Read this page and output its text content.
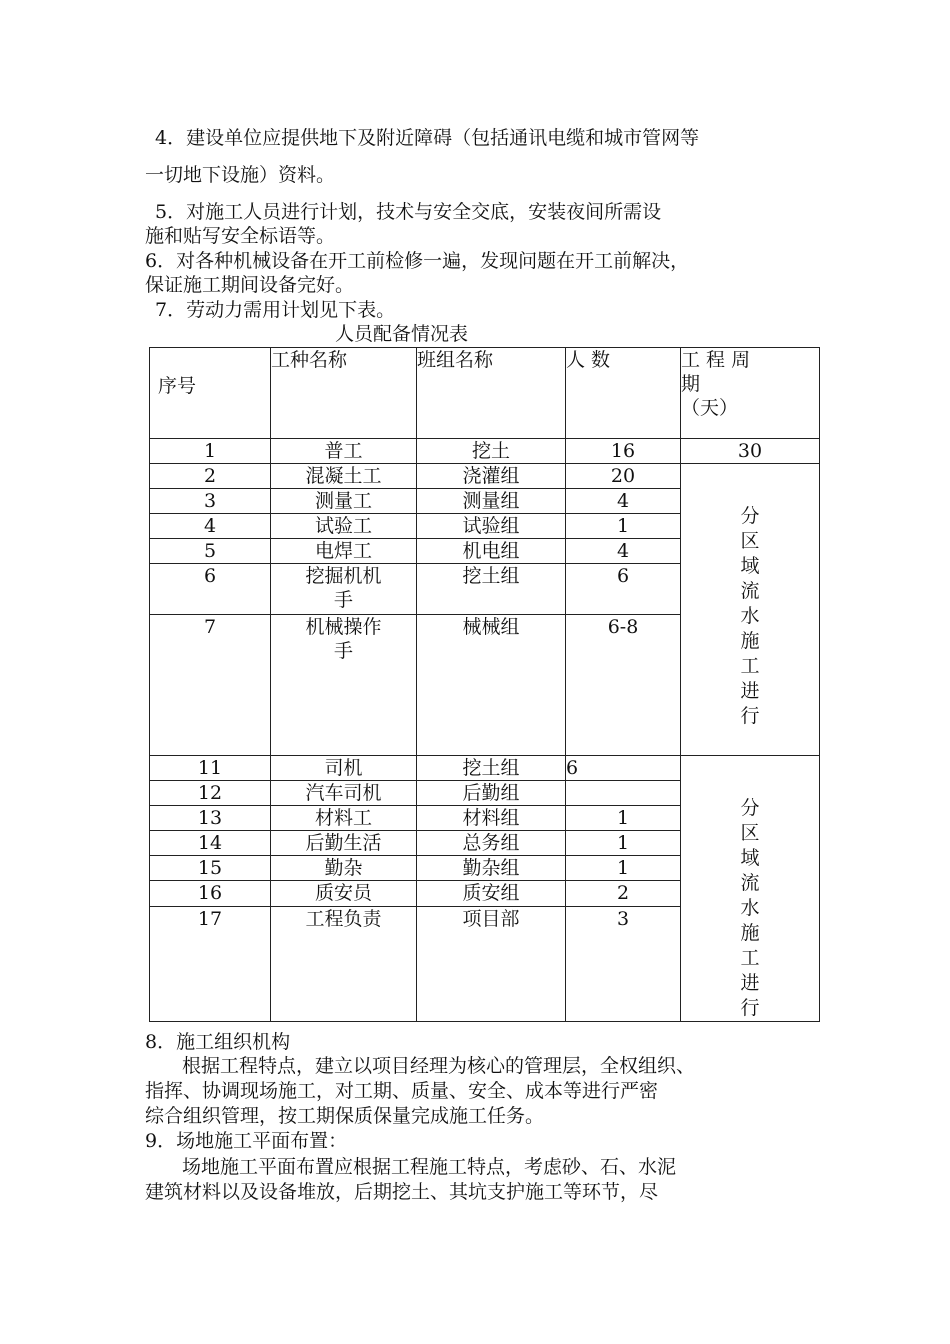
4．建设单位应提供地下及附近障碍（包括通讯电缆和城市管网等
一切地下设施）资料。
5．对施工人员进行计划，技术与安全交底，安装夜间所需设
施和贴写安全标语等。
6．对各种机械设备在开工前检修一遍，发现问题在开工前解决，
保证施工期间设备完好。
7．劳动力需用计划见下表。
人员配备情况表
序号	工种名称	班组名称	人 数	工 程 周
期
（天）

1	普工	挖土	16	30
2	混凝土工	浇灌组	20	分区域流水施工进行
3	测量工	测量组	4	
4	试验工	试验组	1	
5	电焊工	机电组	4	
6	挖掘机机手	挖土组	6	
7	机械操作手	械械组	6-8	
11	司机	挖土组	6	分区域流水施工进行
12	汽车司机	后勤组		
13	材料工	材料组	1	
14	后勤生活	总务组	1	
15	勤杂	勤杂组	1	
16	质安员	质安组	2	
17	工程负责	项目部	3	
8．施工组织机构
根据工程特点，建立以项目经理为核心的管理层，全权组织、
指挥、协调现场施工，对工期、质量、安全、成本等进行严密
综合组织管理，按工期保质保量完成施工任务。
9．场地施工平面布置：
场地施工平面布置应根据工程施工特点，考虑砂、石、水泥
建筑材料以及设备堆放，后期挖土、其坑支护施工等环节，尽
